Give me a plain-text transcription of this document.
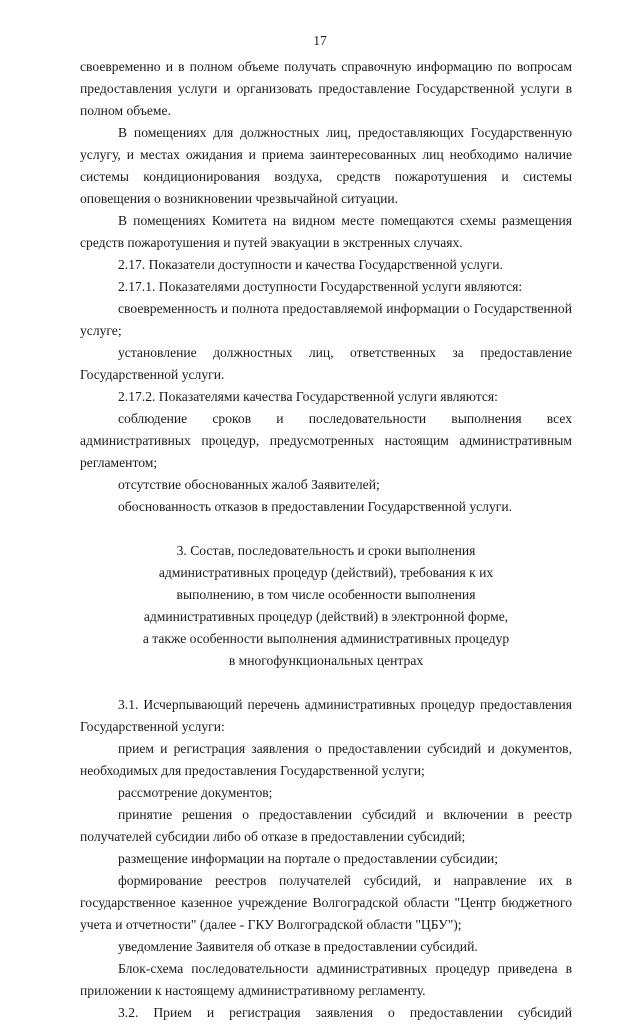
17

своевременно и в полном объеме получать справочную информацию по вопросам предоставления услуги и организовать предоставление Государственной услуги в полном объеме.

В помещениях для должностных лиц, предоставляющих Государственную услугу, и местах ожидания и приема заинтересованных лиц необходимо наличие системы кондиционирования воздуха, средств пожаротушения и системы оповещения о возникновении чрезвычайной ситуации.

В помещениях Комитета на видном месте помещаются схемы размещения средств пожаротушения и путей эвакуации в экстренных случаях.

2.17. Показатели доступности и качества Государственной услуги.

2.17.1. Показателями доступности Государственной услуги являются:

своевременность и полнота предоставляемой информации о Государственной услуге;

установление должностных лиц, ответственных за предоставление Государственной услуги.

2.17.2. Показателями качества Государственной услуги являются:

соблюдение сроков и последовательности выполнения всех административных процедур, предусмотренных настоящим административным регламентом;

отсутствие обоснованных жалоб Заявителей;

обоснованность отказов в предоставлении Государственной услуги.

3. Состав, последовательность и сроки выполнения
административных процедур (действий), требования к их
выполнению, в том числе особенности выполнения
административных процедур (действий) в электронной форме,
а также особенности выполнения административных процедур
в многофункциональных центрах

3.1. Исчерпывающий перечень административных процедур предоставления Государственной услуги:

прием и регистрация заявления о предоставлении субсидий и документов, необходимых для предоставления Государственной услуги;

рассмотрение документов;

принятие решения о предоставлении субсидий и включении в реестр получателей субсидии либо об отказе в предоставлении субсидий;

размещение информации на портале о предоставлении субсидии;

формирование реестров получателей субсидий, и направление их в государственное казенное учреждение Волгоградской области "Центр бюджетного учета и отчетности" (далее - ГКУ Волгоградской области "ЦБУ");

уведомление Заявителя об отказе в предоставлении субсидий.

Блок-схема последовательности административных процедур приведена в приложении к настоящему административному регламенту.

3.2. Прием и регистрация заявления о предоставлении субсидий
